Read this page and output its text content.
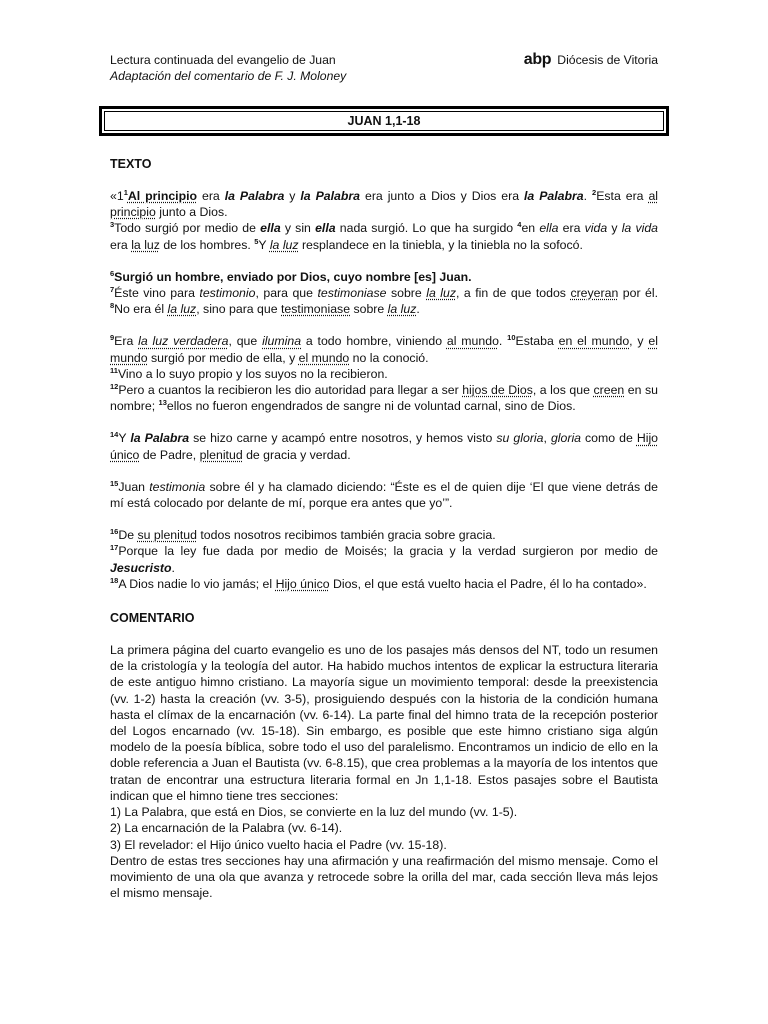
Lectura continuada del evangelio de Juan
Adaptación del comentario de F. J. Moloney
abp Diócesis de Vitoria
JUAN 1,1-18
TEXTO

«$1^1Al$ principio era la Palabra y la Palabra era junto a Dios y Dios era la Palabra. $^2$Esta era al principio junto a Dios.

$^3$Todo surgió por medio de ella y sin ella nada surgió. Lo que ha surgido $^4$en ella era vida y la vida era la luz de los hombres. $^5$Y la luz resplandece en la tiniebla, y la tiniebla no la sofocó.

$^6$Surgió un hombre, enviado por Dios, cuyo nombre [es] Juan.

$^7$Éste vino para testimonio, para que testimoniase sobre la luz, a fin de que todos creyeran por él. $^8$No era él la luz, sino para que testimoniase sobre la luz.

$^9$Era la luz verdadera, que ilumina a todo hombre, viniendo al mundo. $^{10}$Estaba en el mundo, y el mundo surgió por medio de ella, y el mundo no la conoció.

$^{11}$Vino a lo suyo propio y los suyos no la recibieron.

$^{12}$Pero a cuantos la recibieron les dio autoridad para llegar a ser hijos de Dios, a los que creen en su nombre; $^{13}$ellos no fueron engendrados de sangre ni de voluntad carnal, sino de Dios.

$^{14}$Y la Palabra se hizo carne y acampó entre nosotros, y hemos visto su gloria, gloria como de Hijo único de Padre, plenitud de gracia y verdad.

$^{15}$Juan testimonia sobre él y ha clamado diciendo: “Éste es el de quien dije ‘El que viene detrás de mí está colocado por delante de mí, porque era antes que yo’”.

$^{16}$De su plenitud todos nosotros recibimos también gracia sobre gracia.

$^{17}$Porque la ley fue dada por medio de Moisés; la gracia y la verdad surgieron por medio de Jesucristo.

$^{18}$A Dios nadie lo vio jamás; el Hijo único Dios, el que está vuelto hacia el Padre, él lo ha contado».

COMENTARIO

La primera página del cuarto evangelio es uno de los pasajes más densos del NT, todo un resumen de la cristología y la teología del autor. Ha habido muchos intentos de explicar la estructura literaria de este antiguo himno cristiano. La mayoría sigue un movimiento temporal: desde la preexistencia (vv. 1-2) hasta la creación (vv. 3-5), prosiguiendo después con la historia de la condición humana hasta el clímax de la encarnación (vv. 6-14). La parte final del himno trata de la recepción posterior del Logos encarnado (vv. 15-18). Sin embargo, es posible que este himno cristiano siga algún modelo de la poesía bíblica, sobre todo el uso del paralelismo. Encontramos un indicio de ello en la doble referencia a Juan el Bautista (vv. 6-8.15), que crea problemas a la mayoría de los intentos que tratan de encontrar una estructura literaria formal en Jn 1,1-18. Estos pasajes sobre el Bautista indican que el himno tiene tres secciones:

1) La Palabra, que está en Dios, se convierte en la luz del mundo (vv. 1-5).
2) La encarnación de la Palabra (vv. 6-14).
3) El revelador: el Hijo único vuelto hacia el Padre (vv. 15-18).

Dentro de estas tres secciones hay una afirmación y una reafirmación del mismo mensaje. Como el movimiento de una ola que avanza y retrocede sobre la orilla del mar, cada sección lleva más lejos el mismo mensaje.
